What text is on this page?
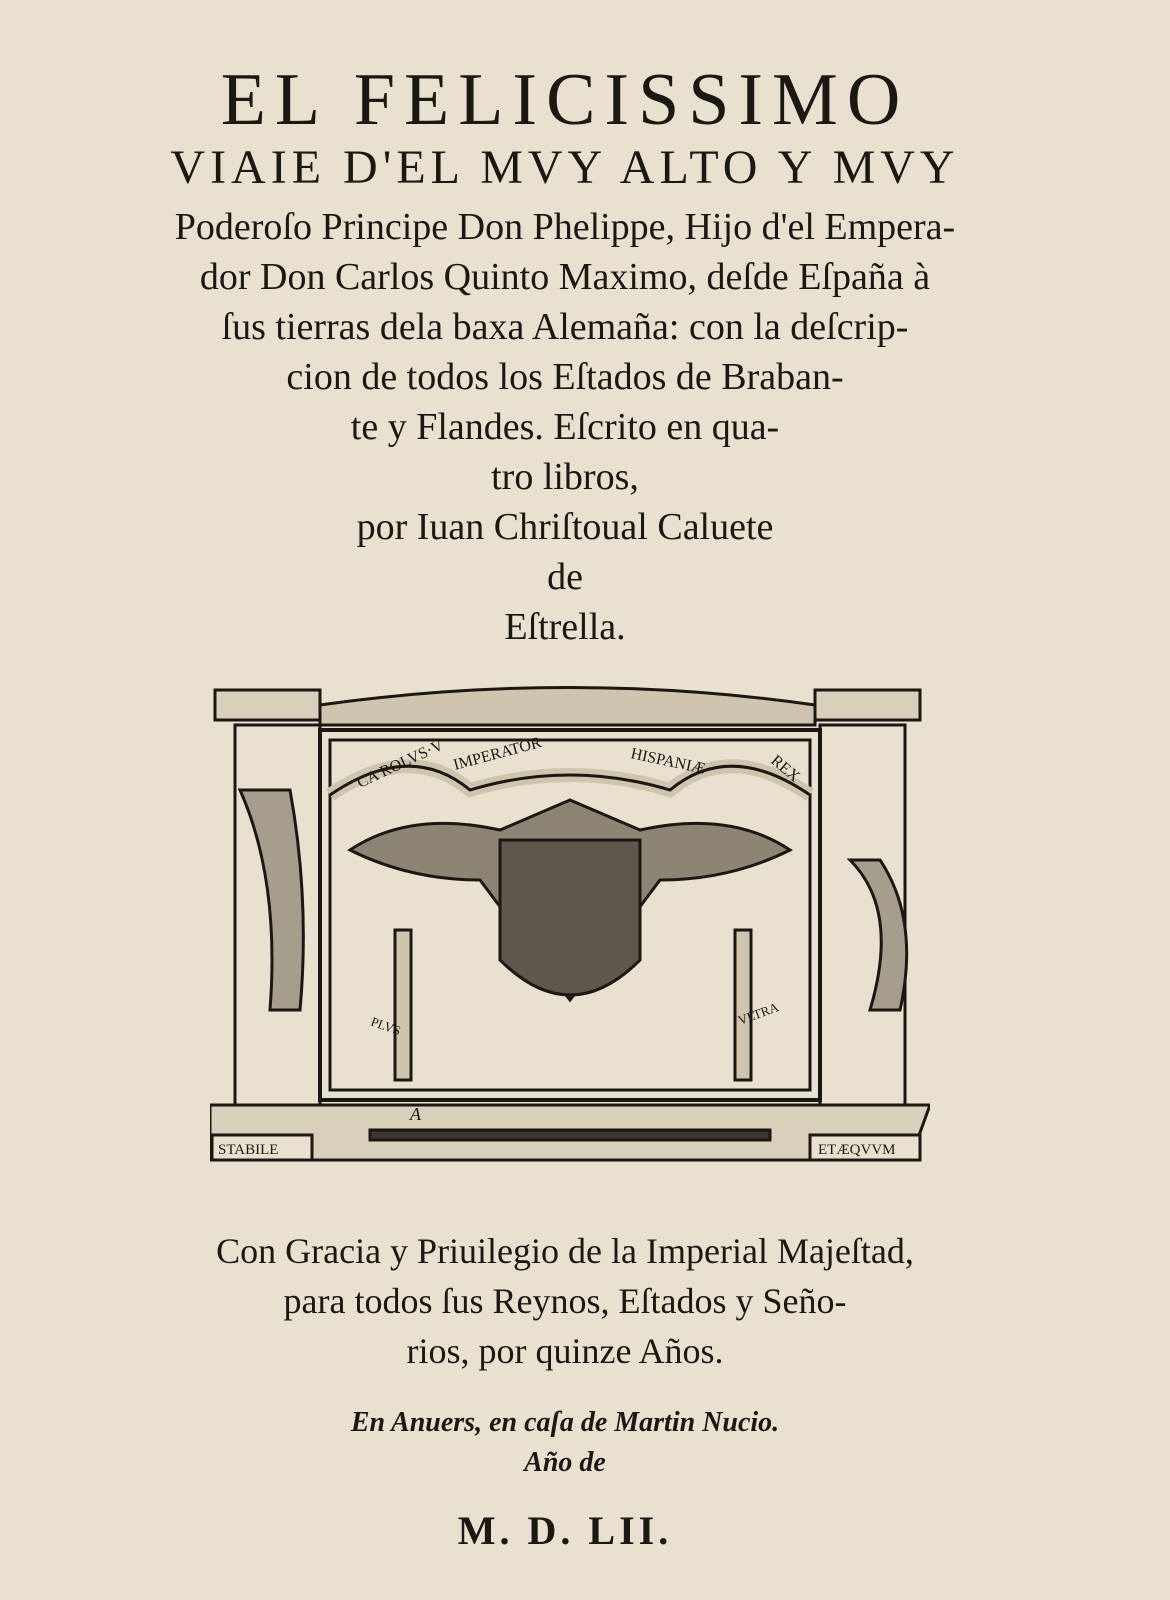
EL FELICISSIMO
VIAIE D'EL MVY ALTO Y MVY
Poderoſo Principe Don Phelippe, Hijo d'el Empera-
dor Don Carlos Quinto Maximo, deſde Eſpaña à
ſus tierras dela baxa Alemaña: con la deſcrip-
cion de todos los Eſtados de Braban-
te y Flandes. Eſcrito en qua-
tro libros,
por Iuan Chriſtoual Caluete
de
Eſtrella.
CA ROLVS·V IMPERATOR	HISPANIÆ	REX
PLVS	VLTRA
STABILE	ETÆQVVM
A
Con Gracia y Priuilegio de la Imperial Majeſtad,
para todos ſus Reynos, Eſtados y Seño-
rios, por quinze Años.
En Anuers, en caſa de Martin Nucio.
Año de
M. D. LII.
